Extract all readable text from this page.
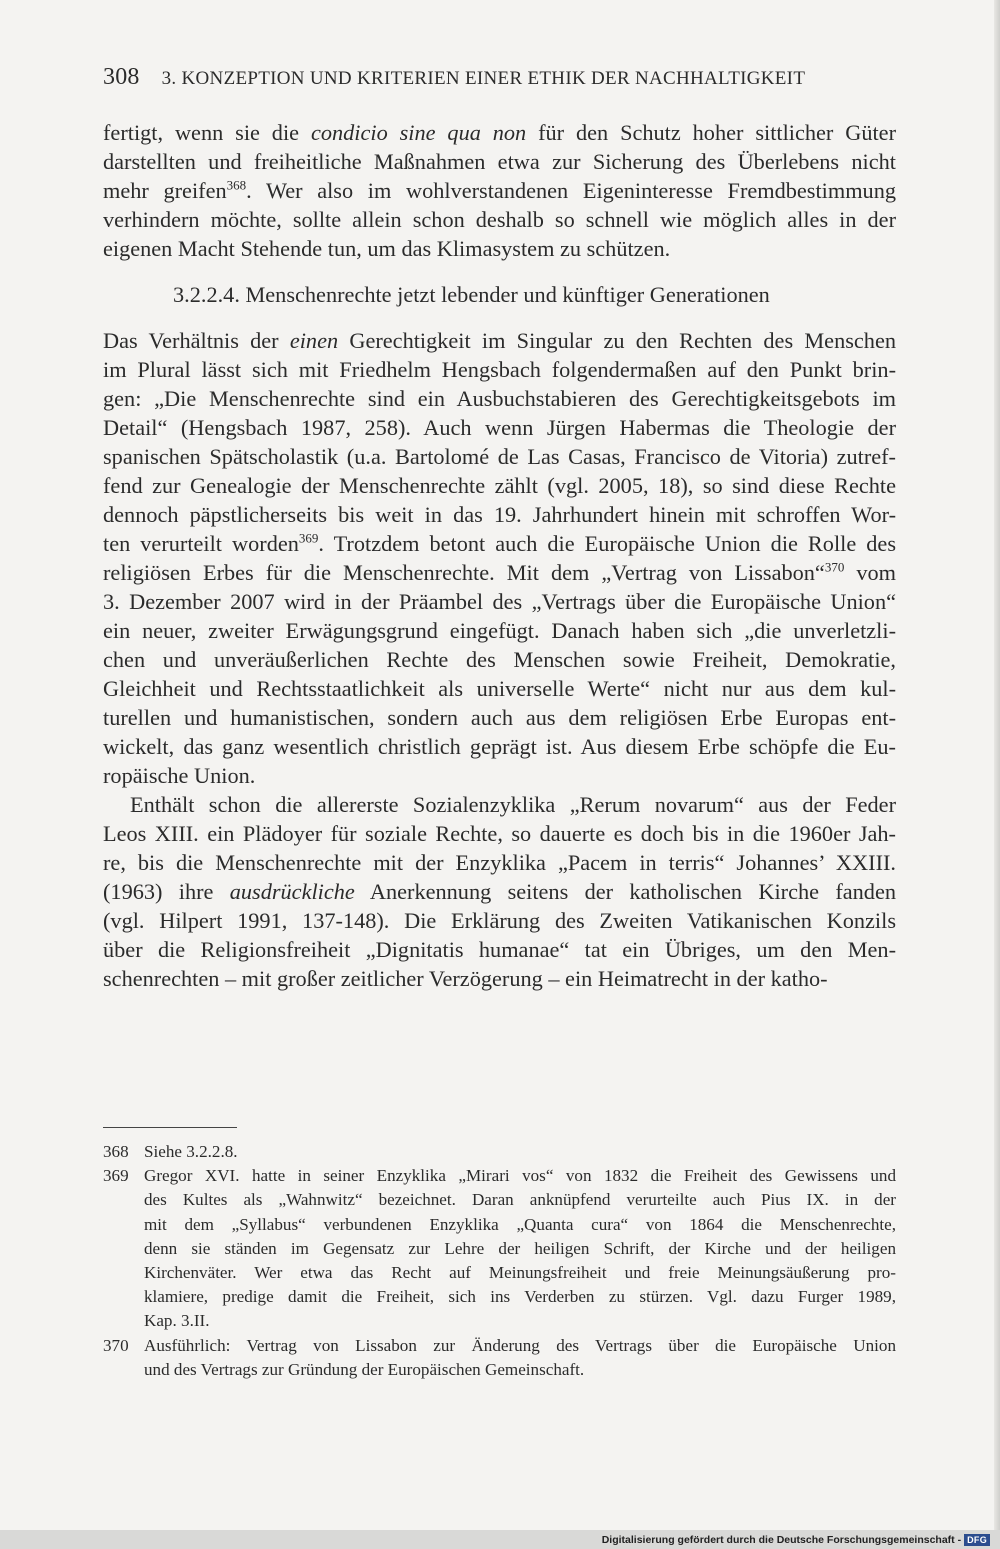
308 3. KONZEPTION UND KRITERIEN EINER ETHIK DER NACHHALTIGKEIT
fertigt, wenn sie die condicio sine qua non für den Schutz hoher sittlicher Güter
darstellten und freiheitliche Maßnahmen etwa zur Sicherung des Überlebens nicht
mehr greifen$^{368}$. Wer also im wohlverstandenen Eigeninteresse Fremdbestimmung
verhindern möchte, sollte allein schon deshalb so schnell wie möglich alles in der
eigenen Macht Stehende tun, um das Klimasystem zu schützen.
3.2.2.4. Menschenrechte jetzt lebender und künftiger Generationen
Das Verhältnis der einen Gerechtigkeit im Singular zu den Rechten des Menschen
im Plural lässt sich mit Friedhelm Hengsbach folgendermaßen auf den Punkt brin-
gen: „Die Menschenrechte sind ein Ausbuchstabieren des Gerechtigkeitsgebots im
Detail“ (Hengsbach 1987, 258). Auch wenn Jürgen Habermas die Theologie der
spanischen Spätscholastik (u.a. Bartolomé de Las Casas, Francisco de Vitoria) zutref-
fend zur Genealogie der Menschenrechte zählt (vgl. 2005, 18), so sind diese Rechte
dennoch päpstlicherseits bis weit in das 19. Jahrhundert hinein mit schroffen Wor-
ten verurteilt worden$^{369}$. Trotzdem betont auch die Europäische Union die Rolle des
religiösen Erbes für die Menschenrechte. Mit dem „Vertrag von Lissabon“$^{370}$ vom
3. Dezember 2007 wird in der Präambel des „Vertrags über die Europäische Union“
ein neuer, zweiter Erwägungsgrund eingefügt. Danach haben sich „die unverletzli-
chen und unveräußerlichen Rechte des Menschen sowie Freiheit, Demokratie,
Gleichheit und Rechtsstaatlichkeit als universelle Werte“ nicht nur aus dem kul-
turellen und humanistischen, sondern auch aus dem religiösen Erbe Europas ent-
wickelt, das ganz wesentlich christlich geprägt ist. Aus diesem Erbe schöpfe die Eu-
ropäische Union.
Enthält schon die allererste Sozialenzyklika „Rerum novarum“ aus der Feder
Leos XIII. ein Plädoyer für soziale Rechte, so dauerte es doch bis in die 1960er Jah-
re, bis die Menschenrechte mit der Enzyklika „Pacem in terris“ Johannes’ XXIII.
(1963) ihre ausdrückliche Anerkennung seitens der katholischen Kirche fanden
(vgl. Hilpert 1991, 137-148). Die Erklärung des Zweiten Vatikanischen Konzils
über die Religionsfreiheit „Dignitatis humanae“ tat ein Übriges, um den Men-
schenrechten – mit großer zeitlicher Verzögerung – ein Heimatrecht in der katho-
368 Siehe 3.2.2.8.
369 Gregor XVI. hatte in seiner Enzyklika „Mirari vos“ von 1832 die Freiheit des Gewissens und
des Kultes als „Wahnwitz“ bezeichnet. Daran anknüpfend verurteilte auch Pius IX. in der
mit dem „Syllabus“ verbundenen Enzyklika „Quanta cura“ von 1864 die Menschenrechte,
denn sie ständen im Gegensatz zur Lehre der heiligen Schrift, der Kirche und der heiligen
Kirchenväter. Wer etwa das Recht auf Meinungsfreiheit und freie Meinungsäußerung pro-
klamiere, predige damit die Freiheit, sich ins Verderben zu stürzen. Vgl. dazu Furger 1989,
Kap. 3.II.
370 Ausführlich: Vertrag von Lissabon zur Änderung des Vertrags über die Europäische Union
und des Vertrags zur Gründung der Europäischen Gemeinschaft.
Digitalisierung gefördert durch die Deutsche Forschungsgemeinschaft - DFG
